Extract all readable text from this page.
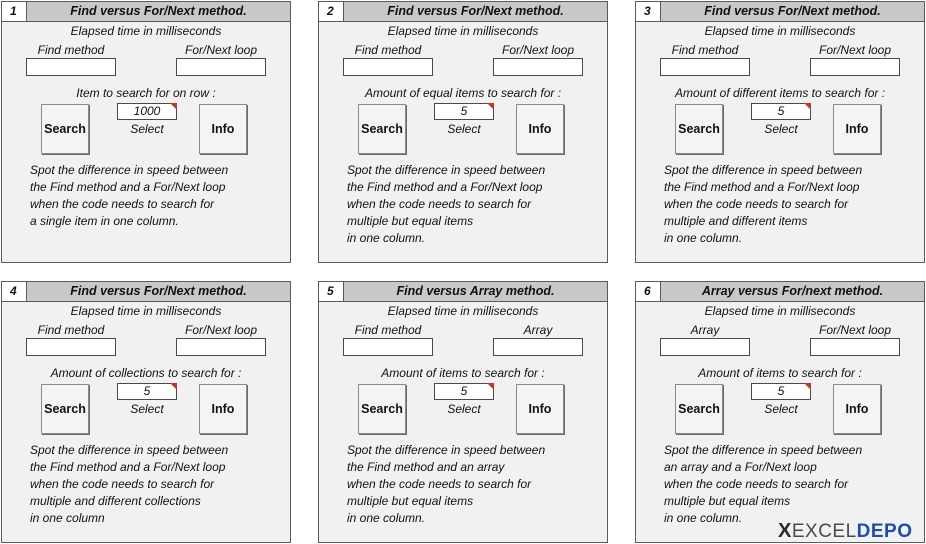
1	Find versus For/Next method.
Elapsed time in milliseconds
Find method	For/Next loop
Item to search for on row :
Search
1000
Select	Info
Spot the difference in speed between
the Find method and a For/Next loop
when the code needs to search for
a single item in one column.
2	Find versus For/Next method.
Elapsed time in milliseconds
Find method	For/Next loop
Amount of equal items to search for :
Search
5
Select	Info
Spot the difference in speed between
the Find method and a For/Next loop
when the code needs to search for
multiple but equal items
in one column.
3	Find versus For/Next method.
Elapsed time in milliseconds
Find method	For/Next loop
Amount of different items to search for :
Search
5
Select	Info
Spot the difference in speed between
the Find method and a For/Next loop
when the code needs to search for
multiple and different items
in one column.
4	Find versus For/Next method.
Elapsed time in milliseconds
Find method	For/Next loop
Amount of collections to search for :
Search
5
Select	Info
Spot the difference in speed between
the Find method and a For/Next loop
when the code needs to search for
multiple and different collections
in one column
5	Find versus Array method.
Elapsed time in milliseconds
Find method	Array
Amount of items to search for :
Search
5
Select	Info
Spot the difference in speed between
the Find method and an array
when the code needs to search for
multiple but equal items
in one column.
6	Array versus For/next method.
Elapsed time in milliseconds
Array	For/Next loop
Amount of items to search for :
Search
5
Select	Info
Spot the difference in speed between
an array and a For/Next loop
when the code needs to search for
multiple but equal items
in one column.
XEXCELDEPO
